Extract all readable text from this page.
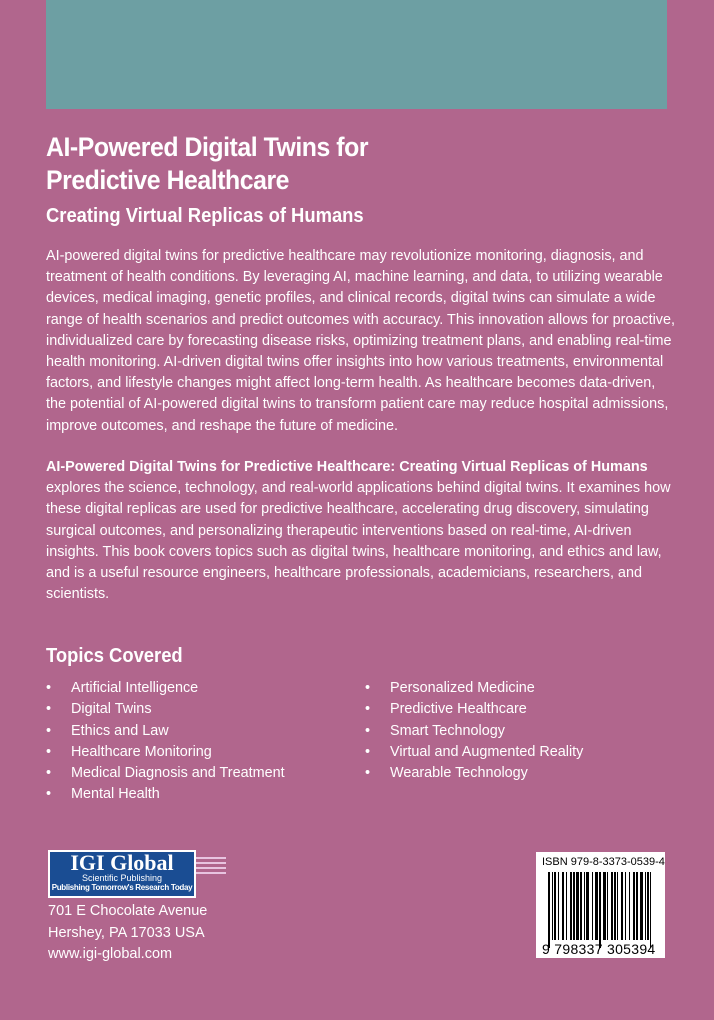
AI-Powered Digital Twins for
Predictive Healthcare
Creating Virtual Replicas of Humans

AI-powered digital twins for predictive healthcare may revolutionize monitoring, diagnosis, and treatment of health conditions. By leveraging AI, machine learning, and data, to utilizing wearable devices, medical imaging, genetic profiles, and clinical records, digital twins can simulate a wide range of health scenarios and predict outcomes with accuracy. This innovation allows for proactive, individualized care by forecasting disease risks, optimizing treatment plans, and enabling real-time health monitoring. AI-driven digital twins offer insights into how various treatments, environmental factors, and lifestyle changes might affect long-term health. As healthcare becomes data-driven, the potential of AI-powered digital twins to transform patient care may reduce hospital admissions, improve outcomes, and reshape the future of medicine.

AI-Powered Digital Twins for Predictive Healthcare: Creating Virtual Replicas of Humans explores the science, technology, and real-world applications behind digital twins. It examines how these digital replicas are used for predictive healthcare, accelerating drug discovery, simulating surgical outcomes, and personalizing therapeutic interventions based on real-time, AI-driven insights. This book covers topics such as digital twins, healthcare monitoring, and ethics and law, and is a useful resource engineers, healthcare professionals, academicians, researchers, and scientists.

Topics Covered
• Artificial Intelligence
• Digital Twins
• Ethics and Law
• Healthcare Monitoring
• Medical Diagnosis and Treatment
• Mental Health
• Personalized Medicine
• Predictive Healthcare
• Smart Technology
• Virtual and Augmented Reality
• Wearable Technology
IGI Global
Scientific Publishing
Publishing Tomorrow's Research Today
701 E Chocolate Avenue
Hershey, PA 17033 USA
www.igi-global.com
ISBN 979-8-3373-0539-4
9 798337 305394
